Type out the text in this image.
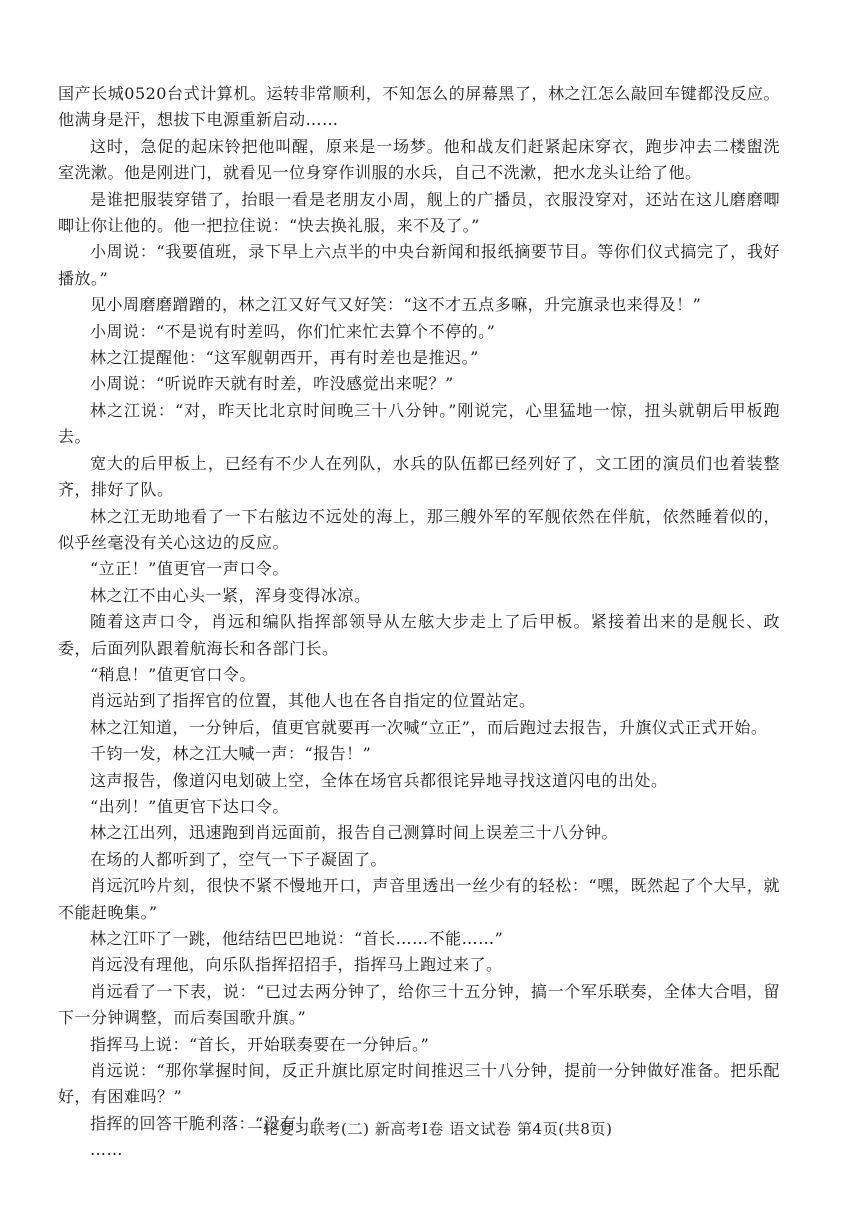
国产长城0520台式计算机。运转非常顺利，不知怎么的屏幕黑了，林之江怎么敲回车键都没反应。他满身是汗，想拔下电源重新启动……

这时，急促的起床铃把他叫醒，原来是一场梦。他和战友们赶紧起床穿衣，跑步冲去二楼盥洗室洗漱。他是刚进门，就看见一位身穿作训服的水兵，自己不洗漱，把水龙头让给了他。

是谁把服装穿错了，抬眼一看是老朋友小周，舰上的广播员，衣服没穿对，还站在这儿磨磨唧唧让你让他的。他一把拉住说：“快去换礼服，来不及了。”

小周说：“我要值班，录下早上六点半的中央台新闻和报纸摘要节目。等你们仪式搞完了，我好播放。”

见小周磨磨蹭蹭的，林之江又好气又好笑：“这不才五点多嘛，升完旗录也来得及！”

小周说：“不是说有时差吗，你们忙来忙去算个不停的。”

林之江提醒他：“这军舰朝西开，再有时差也是推迟。”

小周说：“听说昨天就有时差，咋没感觉出来呢？”

林之江说：“对，昨天比北京时间晚三十八分钟。”刚说完，心里猛地一惊，扭头就朝后甲板跑去。

宽大的后甲板上，已经有不少人在列队，水兵的队伍都已经列好了，文工团的演员们也着装整齐，排好了队。

林之江无助地看了一下右舷边不远处的海上，那三艘外军的军舰依然在伴航，依然睡着似的，似乎丝毫没有关心这边的反应。

“立正！”值更官一声口令。

林之江不由心头一紧，浑身变得冰凉。

随着这声口令，肖远和编队指挥部领导从左舷大步走上了后甲板。紧接着出来的是舰长、政委，后面列队跟着航海长和各部门长。

“稍息！”值更官口令。

肖远站到了指挥官的位置，其他人也在各自指定的位置站定。

林之江知道，一分钟后，值更官就要再一次喊“立正”，而后跑过去报告，升旗仪式正式开始。

千钧一发，林之江大喊一声：“报告！”

这声报告，像道闪电划破上空，全体在场官兵都很诧异地寻找这道闪电的出处。

“出列！”值更官下达口令。

林之江出列，迅速跑到肖远面前，报告自己测算时间上误差三十八分钟。

在场的人都听到了，空气一下子凝固了。

肖远沉吟片刻，很快不紧不慢地开口，声音里透出一丝少有的轻松：“嘿，既然起了个大早，就不能赶晚集。”

林之江吓了一跳，他结结巴巴地说：“首长……不能……”

肖远没有理他，向乐队指挥招招手，指挥马上跑过来了。

肖远看了一下表，说：“已过去两分钟了，给你三十五分钟，搞一个军乐联奏，全体大合唱，留下一分钟调整，而后奏国歌升旗。”

指挥马上说：“首长，开始联奏要在一分钟后。”

肖远说：“那你掌握时间，反正升旗比原定时间推迟三十八分钟，提前一分钟做好准备。把乐配好，有困难吗？”

指挥的回答干脆利落：“没有！”

……

一轮复习联考(二) 新高考Ⅰ卷 语文试卷 第4页(共8页)
